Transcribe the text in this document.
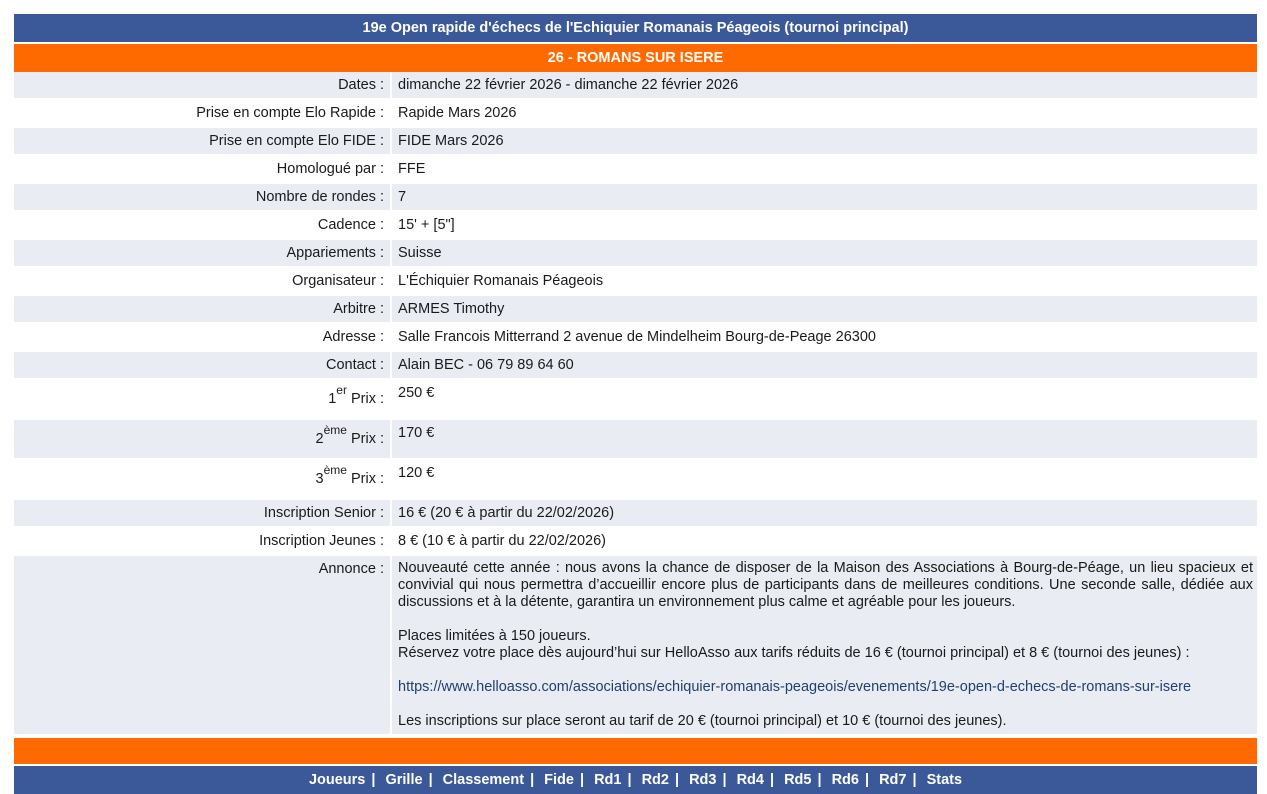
19e Open rapide d'échecs de l'Echiquier Romanais Péageois (tournoi principal)
26 - ROMANS SUR ISERE
Dates :	dimanche 22 février 2026 - dimanche 22 février 2026
Prise en compte Elo Rapide :	Rapide Mars 2026
Prise en compte Elo FIDE :	FIDE Mars 2026
Homologué par :	FFE
Nombre de rondes :	7
Cadence :	15' + [5"]
Appariements :	Suisse
Organisateur :	L'Échiquier Romanais Péageois
Arbitre :	ARMES Timothy
Adresse :	Salle Francois Mitterrand 2 avenue de Mindelheim Bourg-de-Peage 26300
Contact :	Alain BEC - 06 79 89 64 60
1er Prix :	250 €
2ème Prix :	170 €
3ème Prix :	120 €
Inscription Senior :	16 € (20 € à partir du 22/02/2026)
Inscription Jeunes :	8 € (10 € à partir du 22/02/2026)
Annonce :	Nouveauté cette année : nous avons la chance de disposer de la Maison des Associations à Bourg-de-Péage, un lieu spacieux et convivial qui nous permettra d’accueillir encore plus de participants dans de meilleures conditions. Une seconde salle, dédiée aux discussions et à la détente, garantira un environnement plus calme et agréable pour les joueurs.
Places limitées à 150 joueurs.
Réservez votre place dès aujourd’hui sur HelloAsso aux tarifs réduits de 16 € (tournoi principal) et 8 € (tournoi des jeunes) :
https://www.helloasso.com/associations/echiquier-romanais-peageois/evenements/19e-open-d-echecs-de-romans-sur-isere
Les inscriptions sur place seront au tarif de 20 € (tournoi principal) et 10 € (tournoi des jeunes).
Joueurs | Grille | Classement | Fide | Rd1 | Rd2 | Rd3 | Rd4 | Rd5 | Rd6 | Rd7 | Stats
